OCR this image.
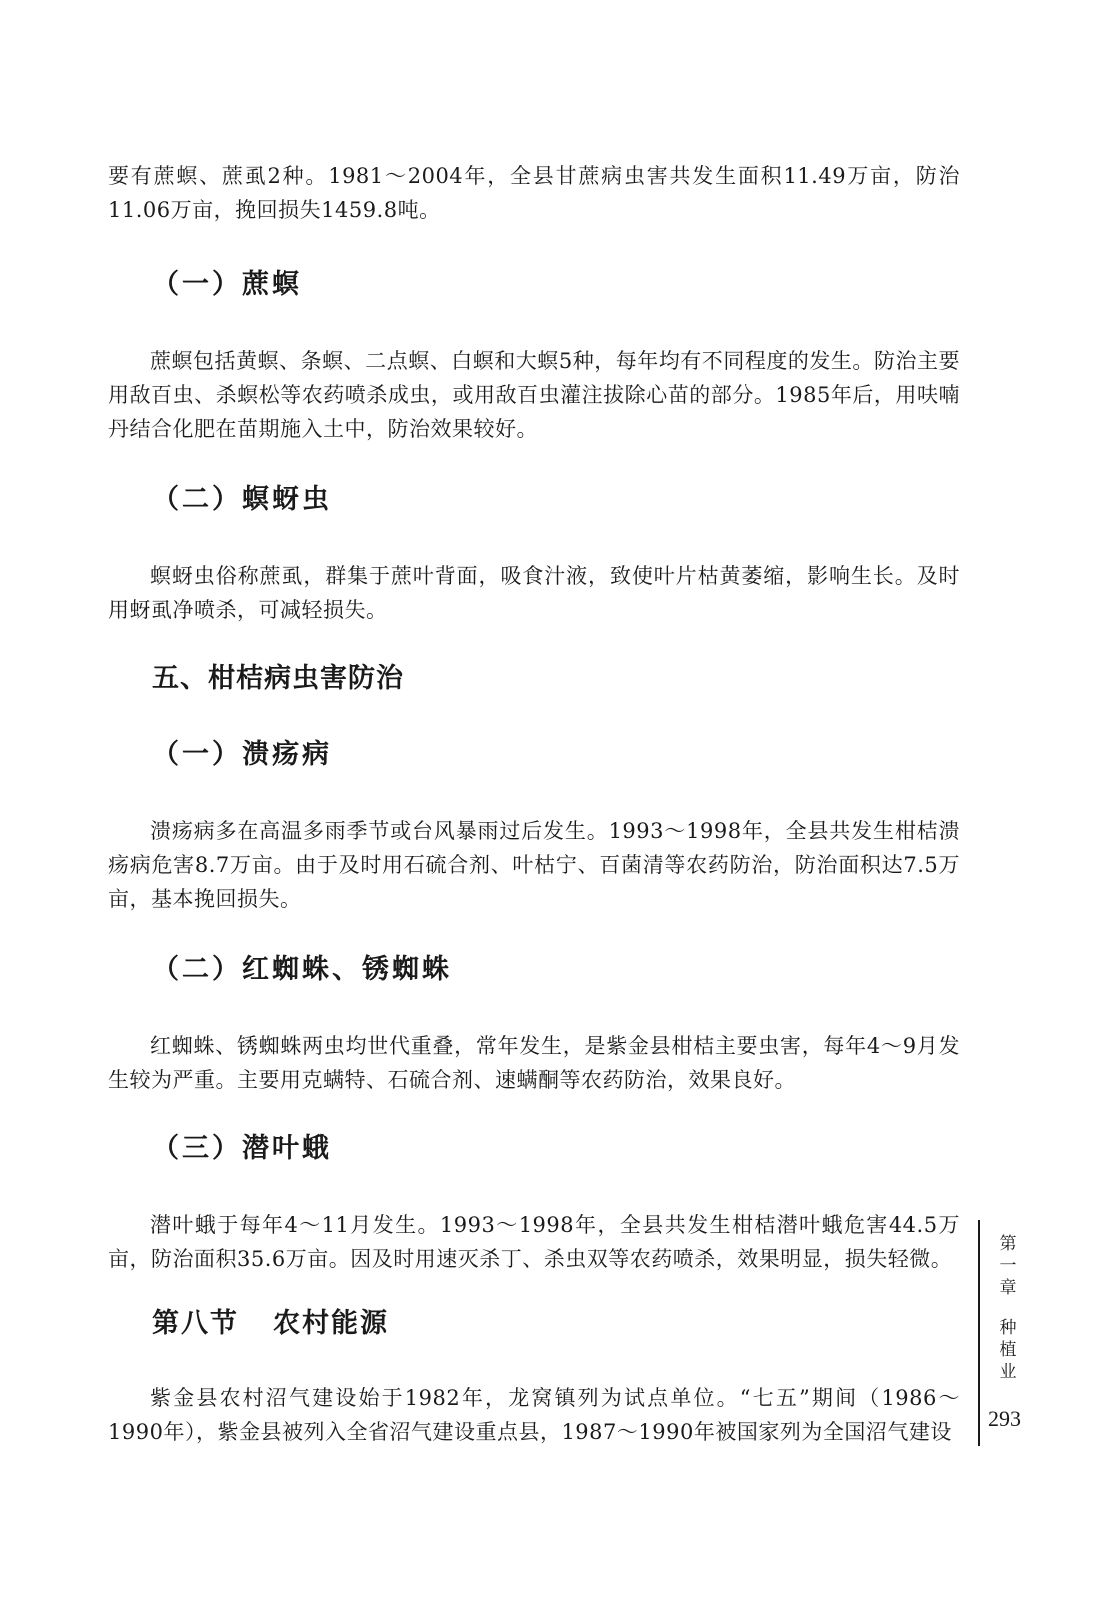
要有蔗螟、蔗虱2种。1981～2004年，全县甘蔗病虫害共发生面积11.49万亩，防治11.06万亩，挽回损失1459.8吨。

（一）蔗螟

蔗螟包括黄螟、条螟、二点螟、白螟和大螟5种，每年均有不同程度的发生。防治主要用敌百虫、杀螟松等农药喷杀成虫，或用敌百虫灌注拔除心苗的部分。1985年后，用呋喃丹结合化肥在苗期施入土中，防治效果较好。

（二）螟蚜虫

螟蚜虫俗称蔗虱，群集于蔗叶背面，吸食汁液，致使叶片枯黄萎缩，影响生长。及时用蚜虱净喷杀，可减轻损失。

五、柑桔病虫害防治
（一）溃疡病

溃疡病多在高温多雨季节或台风暴雨过后发生。1993～1998年，全县共发生柑桔溃疡病危害8.7万亩。由于及时用石硫合剂、叶枯宁、百菌清等农药防治，防治面积达7.5万亩，基本挽回损失。

（二）红蜘蛛、锈蜘蛛

红蜘蛛、锈蜘蛛两虫均世代重叠，常年发生，是紫金县柑桔主要虫害，每年4～9月发生较为严重。主要用克螨特、石硫合剂、速螨酮等农药防治，效果良好。

（三）潜叶蛾

潜叶蛾于每年4～11月发生。1993～1998年，全县共发生柑桔潜叶蛾危害44.5万亩，防治面积35.6万亩。因及时用速灭杀丁、杀虫双等农药喷杀，效果明显，损失轻微。

第八节 农村能源

紫金县农村沼气建设始于1982年，龙窝镇列为试点单位。“七五”期间（1986～1990年），紫金县被列入全省沼气建设重点县，1987～1990年被国家列为全国沼气建设

第一章
种植业
293
